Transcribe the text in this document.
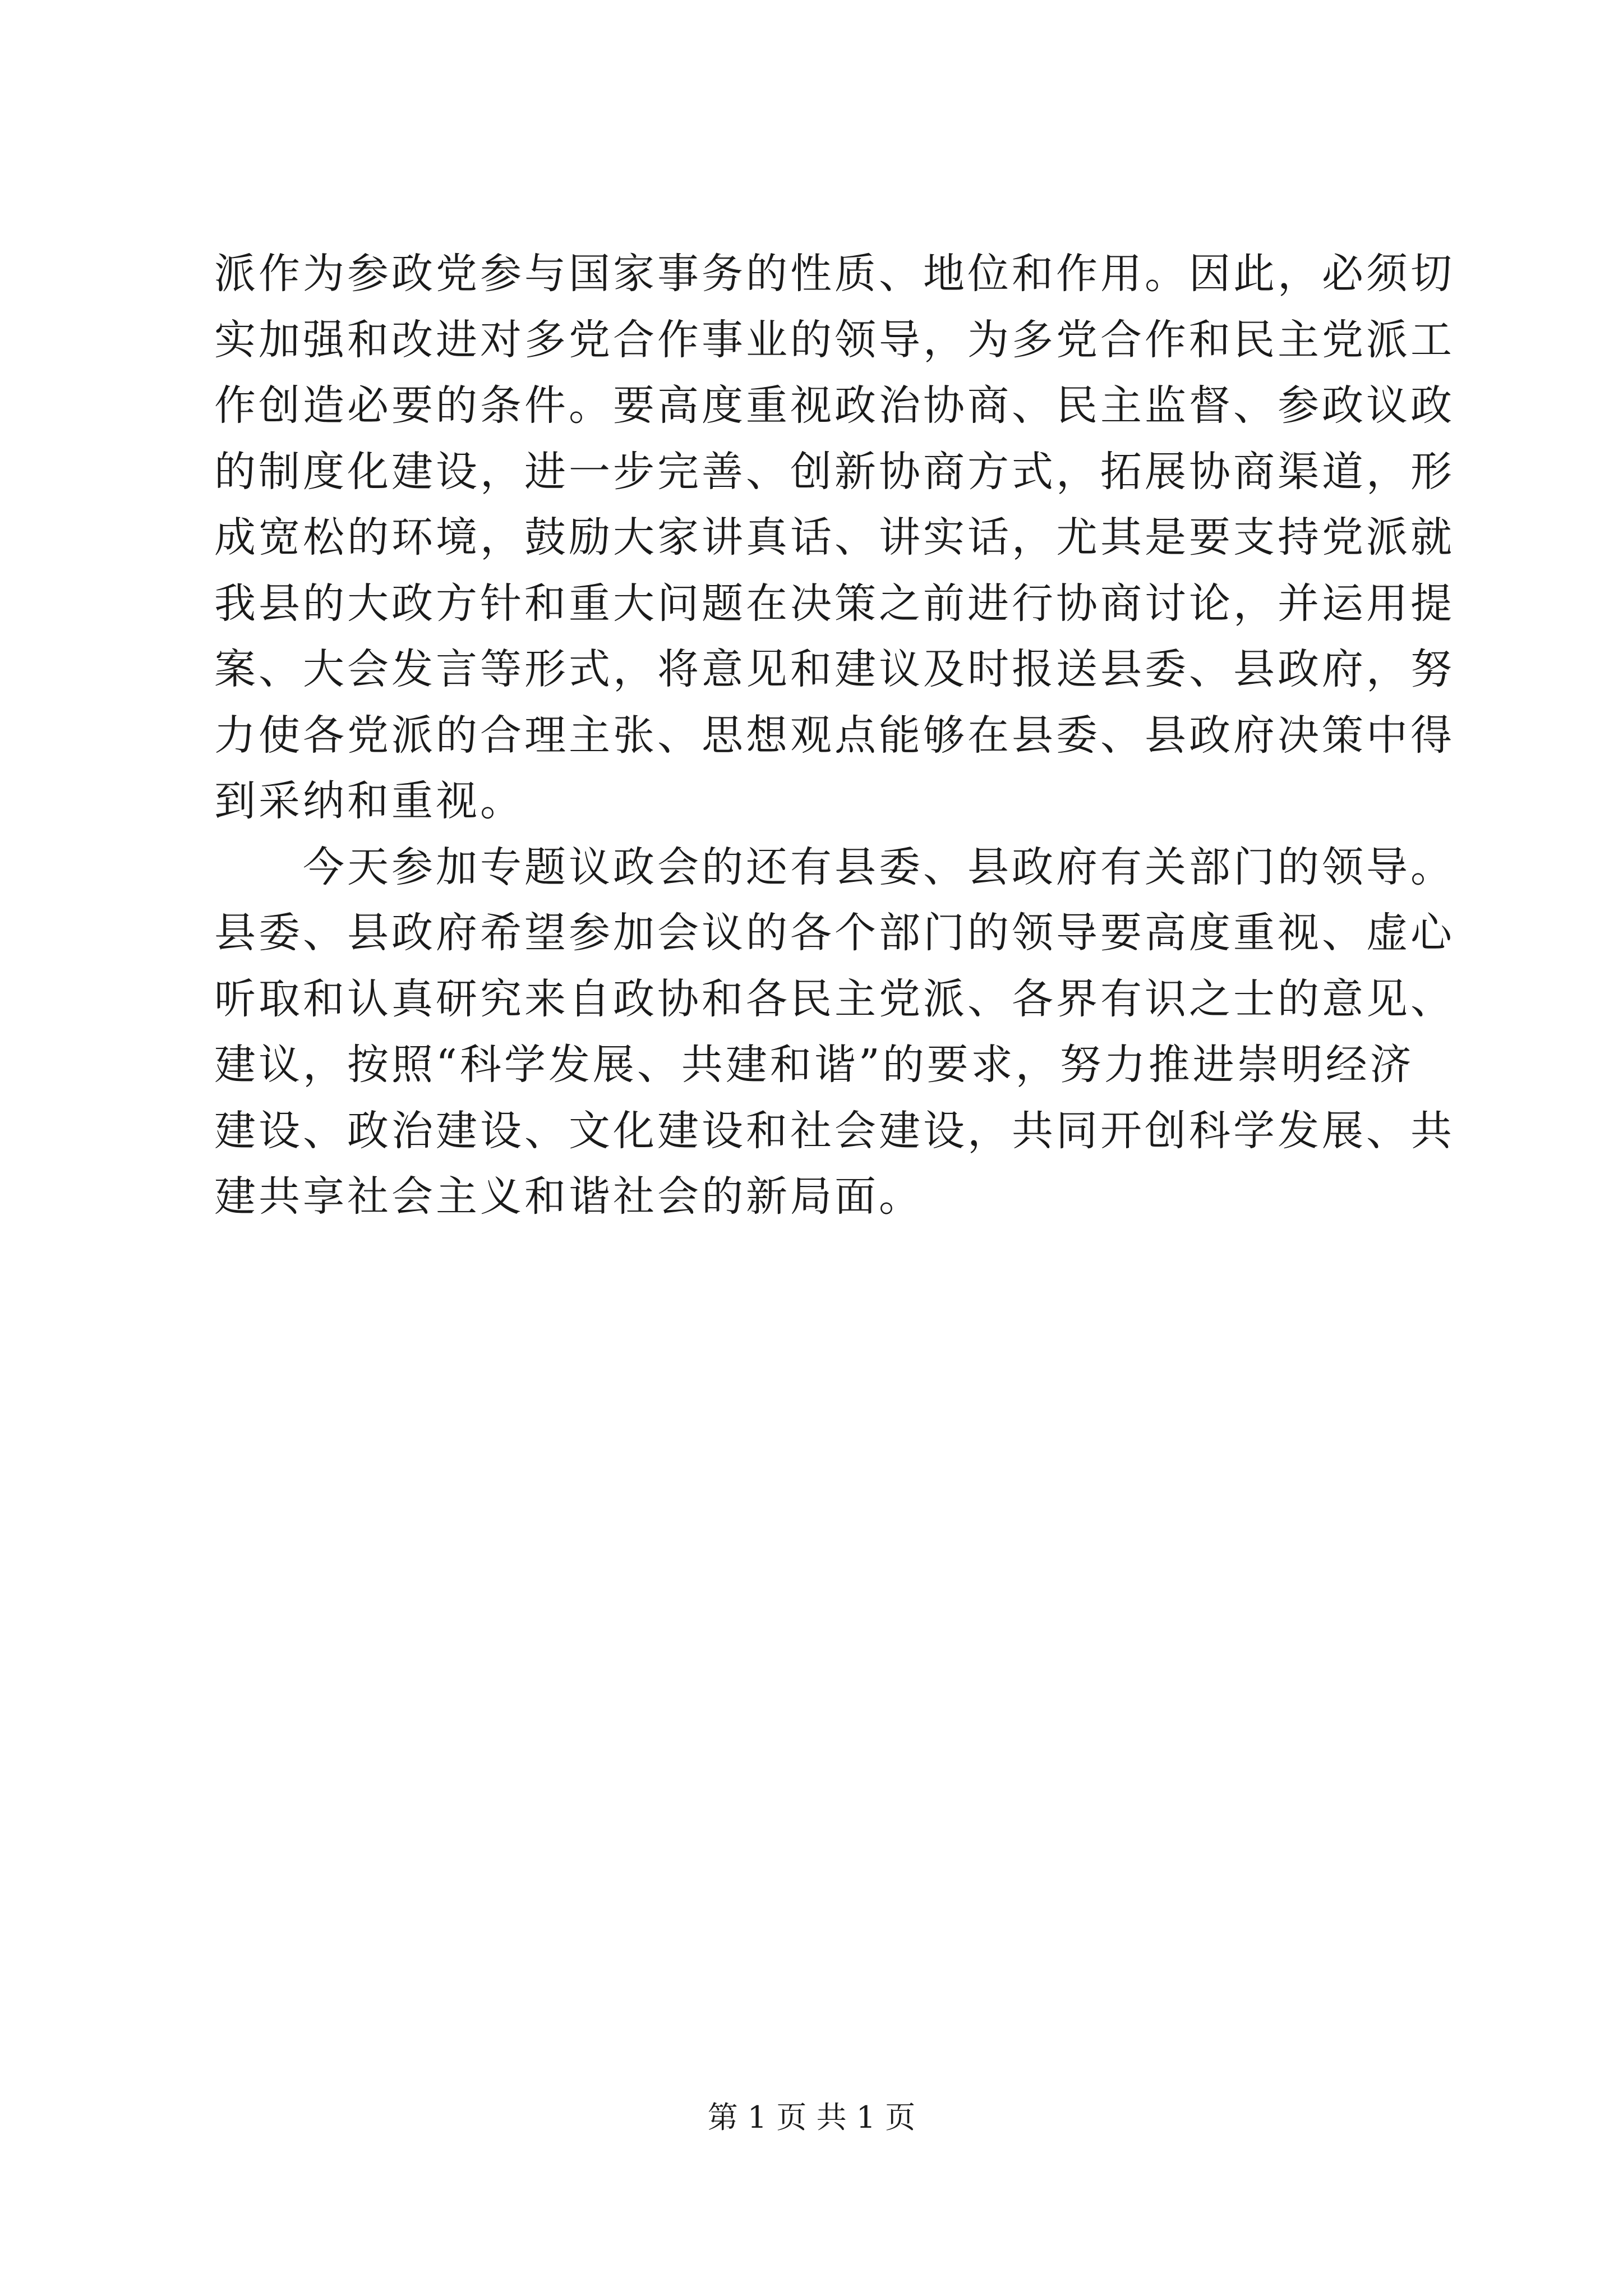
派作为参政党参与国家事务的性质、地位和作用。因此，必须切
实加强和改进对多党合作事业的领导，为多党合作和民主党派工
作创造必要的条件。要高度重视政治协商、民主监督、参政议政
的制度化建设，进一步完善、创新协商方式，拓展协商渠道，形
成宽松的环境，鼓励大家讲真话、讲实话，尤其是要支持党派就
我县的大政方针和重大问题在决策之前进行协商讨论，并运用提
案、大会发言等形式，将意见和建议及时报送县委、县政府，努
力使各党派的合理主张、思想观点能够在县委、县政府决策中得
到采纳和重视。
　　今天参加专题议政会的还有县委、县政府有关部门的领导。
县委、县政府希望参加会议的各个部门的领导要高度重视、虚心
听取和认真研究来自政协和各民主党派、各界有识之士的意见、
建议，按照“科学发展、共建和谐”的要求，努力推进崇明经济
建设、政治建设、文化建设和社会建设，共同开创科学发展、共
建共享社会主义和谐社会的新局面。
第 1 页 共 1 页
